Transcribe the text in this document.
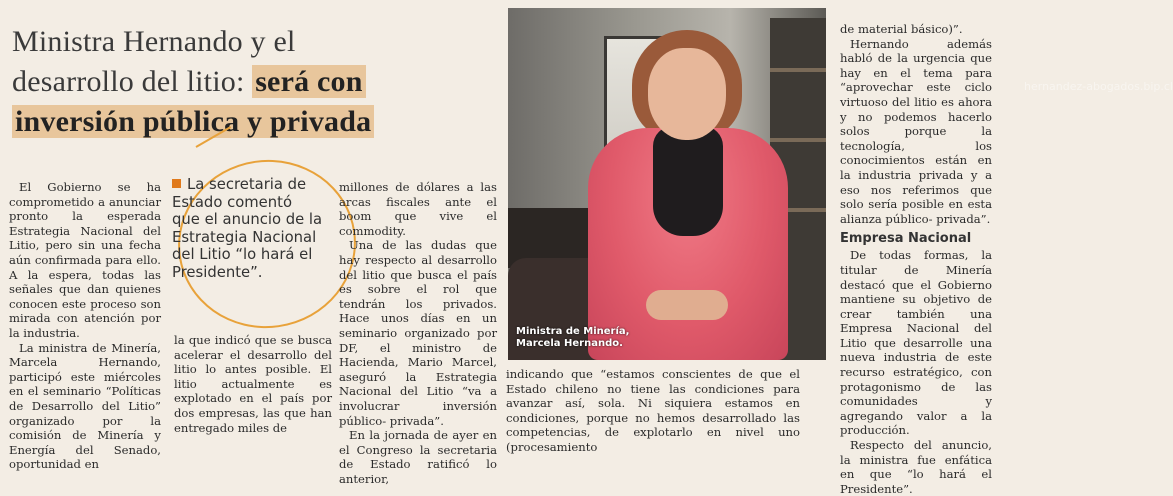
Ministra Hernando y el
desarrollo del litio: será con
inversión pública y privada

El Gobierno se ha comprometido a anunciar pronto la esperada Estrategia Nacional del Litio, pero sin una fecha aún confirmada para ello. A la espera, todas las señales que dan quienes conocen este proceso son mirada con atención por la industria.

La ministra de Minería, Marcela Hernando, participó este miércoles en el seminario “Políticas de Desarrollo del Litio” organizado por la comisión de Minería y Energía del Senado, oportunidad en

La secretaria de Estado comentó que el anuncio de la Estrategia Nacional del Litio “lo hará el Presidente”.

la que indicó que se busca acelerar el desarrollo del litio lo antes posible. El litio actualmente es explotado en el país por dos empresas, las que han entregado miles de

millones de dólares a las arcas fiscales ante el boom que vive el commodity.

Una de las dudas que hay respecto al desarrollo del litio que busca el país es sobre el rol que tendrán los privados. Hace unos días en un seminario organizado por DF, el ministro de Hacienda, Mario Marcel, aseguró la Estrategia Nacional del Litio “va a involucrar inversión público- privada”.

En la jornada de ayer en el Congreso la secretaria de Estado ratificó lo anterior,

hernandez-abogados.bip.cl
Ministra de Minería,
Marcela Hernando.

indicando que “estamos conscientes de que el Estado chileno no tiene las condiciones para avanzar así, sola. Ni siquiera estamos en condiciones, porque no hemos desarrollado las competencias, de explotarlo en nivel uno (procesamiento

de material básico)”.

Hernando además habló de la urgencia que hay en el tema para “aprovechar este ciclo virtuoso del litio es ahora y no podemos hacerlo solos porque la tecnología, los conocimientos están en la industria privada y a eso nos referimos que solo sería posible en esta alianza público- privada”.

Empresa Nacional

De todas formas, la titular de Minería destacó que el Gobierno mantiene su objetivo de crear también una Empresa Nacional del Litio que desarrolle una nueva industria de este recurso estratégico, con protagonismo de las comunidades y agregando valor a la producción.

Respecto del anuncio, la ministra fue enfática en que “lo hará el Presidente”.
